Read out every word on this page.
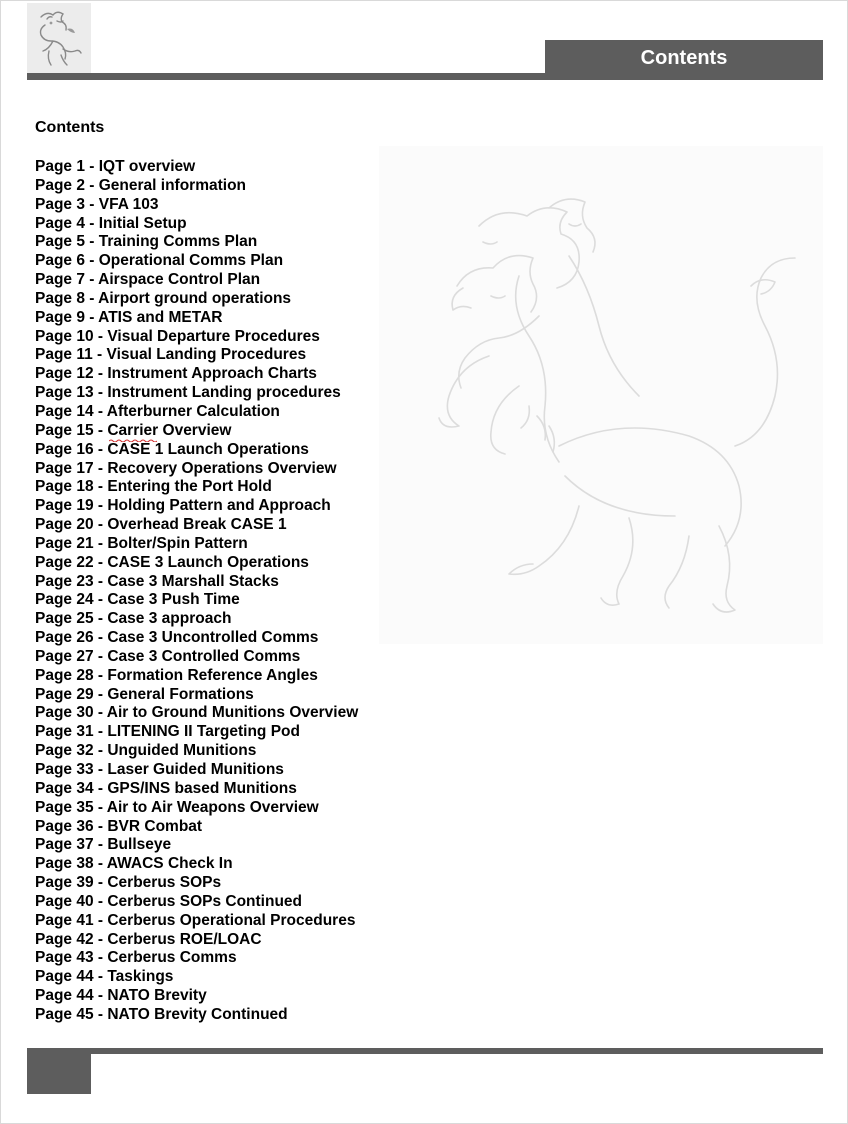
Contents
Contents
Page 1 - IQT overview
Page 2 - General information
Page 3 - VFA 103
Page 4 - Initial Setup
Page 5 - Training Comms Plan
Page 6 - Operational Comms Plan
Page 7 - Airspace Control Plan
Page 8 - Airport ground operations
Page 9 - ATIS and METAR
Page 10 - Visual Departure Procedures
Page 11 - Visual Landing Procedures
Page 12 - Instrument Approach Charts
Page 13 - Instrument Landing procedures
Page 14 - Afterburner Calculation
Page 15 - Carrier Overview
Page 16 - CASE 1 Launch Operations
Page 17 - Recovery Operations Overview
Page 18 - Entering the Port Hold
Page 19 - Holding Pattern and Approach
Page 20 - Overhead Break CASE 1
Page 21 - Bolter/Spin Pattern
Page 22 - CASE 3 Launch Operations
Page 23 - Case 3 Marshall Stacks
Page 24 - Case 3 Push Time
Page 25 - Case 3 approach
Page 26 - Case 3 Uncontrolled Comms
Page 27 - Case 3 Controlled Comms
Page 28 - Formation Reference Angles
Page 29 - General Formations
Page 30 - Air to Ground Munitions Overview
Page 31 - LITENING II Targeting Pod
Page 32 - Unguided Munitions
Page 33 - Laser Guided Munitions
Page 34 - GPS/INS based Munitions
Page 35 - Air to Air Weapons Overview
Page 36 - BVR Combat
Page 37 - Bullseye
Page 38 - AWACS Check In
Page 39 - Cerberus SOPs
Page 40 - Cerberus SOPs Continued
Page 41 - Cerberus Operational Procedures
Page 42 - Cerberus ROE/LOAC
Page 43 - Cerberus Comms
Page 44 - Taskings
Page 44 - NATO Brevity
Page 45 - NATO Brevity Continued
